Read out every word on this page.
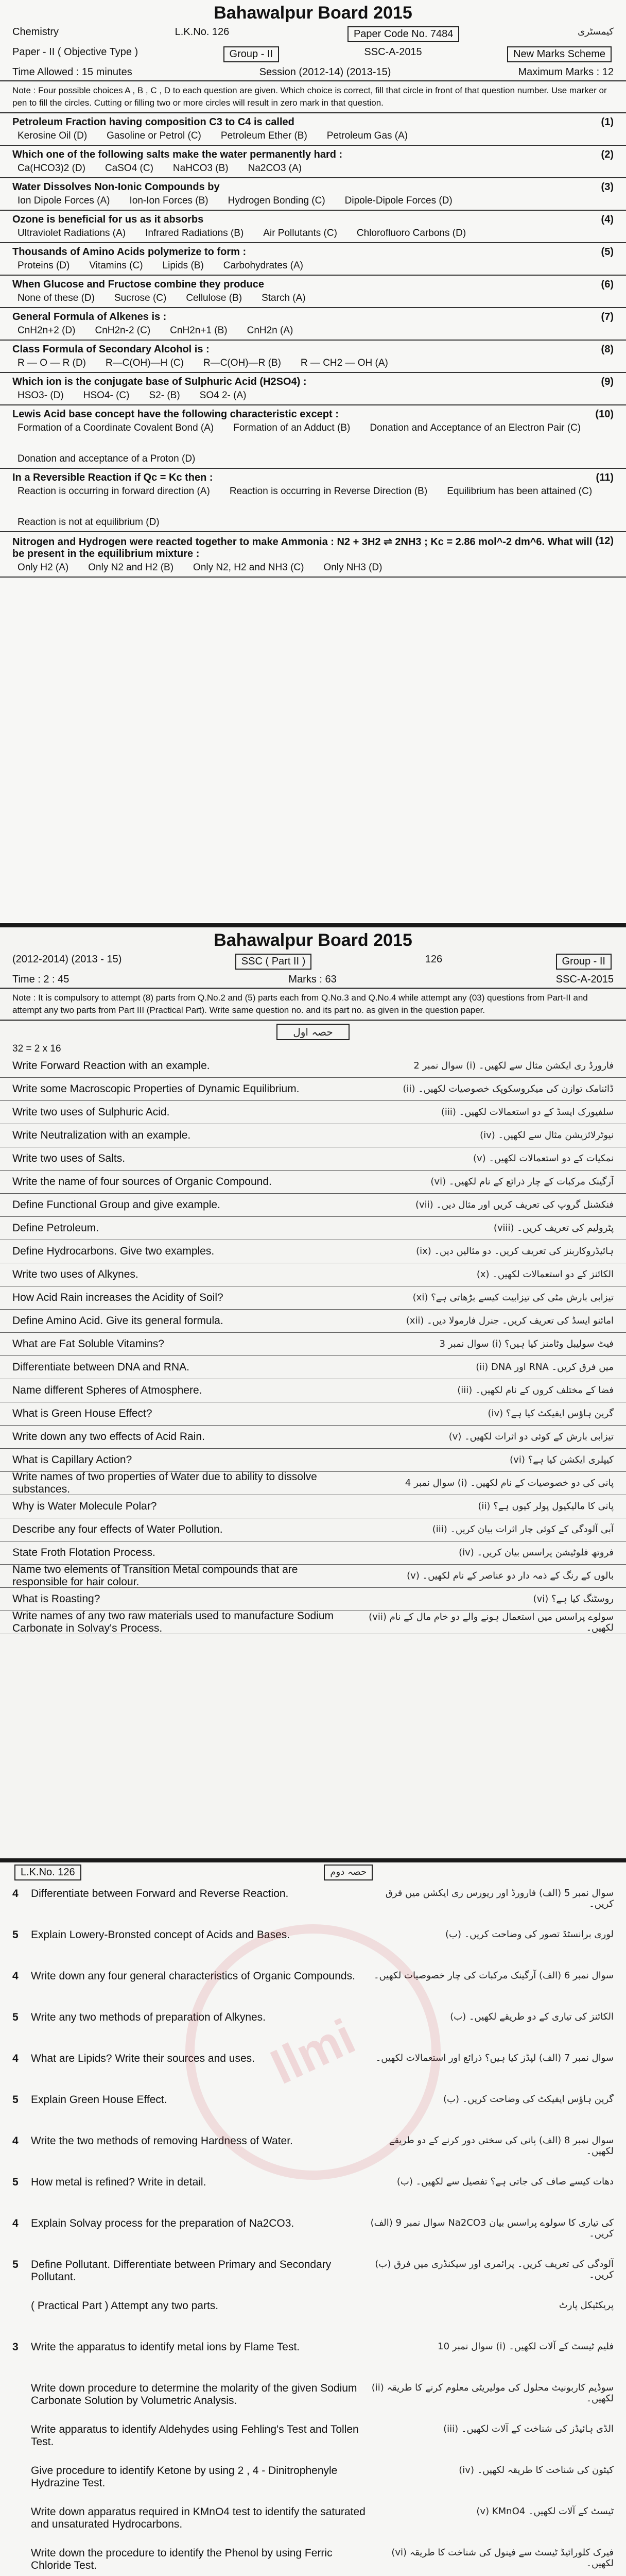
Bahawalpur Board 2015
Chemistry	L.K.No. 126	Paper Code No. 7484	کیمسٹری
Paper - II ( Objective Type )	Group - II	SSC-A-2015	New Marks Scheme
Time Allowed : 15 minutes	Session (2012-14) (2013-15)	Maximum Marks : 12
Note : Four possible choices A , B , C , D to each question are given. Which choice is correct, fill that circle in front of that question number. Use marker or pen to fill the circles. Cutting or filling two or more circles will result in zero mark in that question.
Petroleum Fraction having composition C3 to C4 is called	(1)
Kerosine Oil (D) Gasoline or Petrol (C) Petroleum Ether (B) Petroleum Gas (A)
Which one of the following salts make the water permanently hard :	(2)
Ca(HCO3)2 (D) CaSO4 (C) NaHCO3 (B) Na2CO3 (A)
Water Dissolves Non-Ionic Compounds by	(3)
Ion Dipole Forces (A) Ion-Ion Forces (B) Hydrogen Bonding (C) Dipole-Dipole Forces (D)
Ozone is beneficial for us as it absorbs	(4)
Ultraviolet Radiations (A) Infrared Radiations (B) Air Pollutants (C) Chlorofluoro Carbons (D)
Thousands of Amino Acids polymerize to form :	(5)
Proteins (D) Vitamins (C) Lipids (B) Carbohydrates (A)
When Glucose and Fructose combine they produce	(6)
None of these (D) Sucrose (C) Cellulose (B) Starch (A)
General Formula of Alkenes is :	(7)
CnH2n+2 (D) CnH2n-2 (C) CnH2n+1 (B) CnH2n (A)
Class Formula of Secondary Alcohol is :	(8)
R — O — R (D) R—C(OH)—H (C) R—C(OH)—R (B) R — CH2 — OH (A)
Which ion is the conjugate base of Sulphuric Acid (H2SO4) :	(9)
HSO3- (D) HSO4- (C) S2- (B) SO4 2- (A)
Lewis Acid base concept have the following characteristic except :	(10)
Formation of a Coordinate Covalent Bond (A) Formation of an Adduct (B) Donation and Acceptance of an Electron Pair (C)
Donation and acceptance of a Proton (D)
In a Reversible Reaction if Qc = Kc then :	(11)
Reaction is occurring in forward direction (A) Reaction is occurring in Reverse Direction (B) Equilibrium has been attained (C)
Reaction is not at equilibrium (D)
Nitrogen and Hydrogen were reacted together to make Ammonia : N2 + 3H2 ⇌ 2NH3 ; Kc = 2.86 mol^-2 dm^6. What will be present in the equilibrium mixture :
(12)
Only H2 (A) Only N2 and H2 (B) Only N2, H2 and NH3 (C) Only NH3 (D)
Bahawalpur Board 2015
(2012-2014) (2013 - 15)	SSC ( Part II )	126	Group - II
Time : 2 : 45	Marks : 63	SSC-A-2015
Note : It is compulsory to attempt (8) parts from Q.No.2 and (5) parts each from Q.No.3 and Q.No.4 while attempt any (03) questions from Part-II and attempt any two parts from Part III (Practical Part). Write same question no. and its part no. as given in the question paper.
حصہ اول
32 = 2 x 16
Write Forward Reaction with an example.	سوال نمبر 2 (i) فارورڈ ری ایکشن مثال سے لکھیں۔
Write some Macroscopic Properties of Dynamic Equilibrium.	(ii) ڈائنامک توازن کی میکروسکوپک خصوصیات لکھیں۔
Write two uses of Sulphuric Acid.	(iii) سلفیورک ایسڈ کے دو استعمالات لکھیں۔
Write Neutralization with an example.	(iv) نیوٹرلائزیشن مثال سے لکھیں۔
Write two uses of Salts.	(v) نمکیات کے دو استعمالات لکھیں۔
Write the name of four sources of Organic Compound.	(vi) آرگینک مرکبات کے چار ذرائع کے نام لکھیں۔
Define Functional Group and give example.	(vii) فنکشنل گروپ کی تعریف کریں اور مثال دیں۔
Define Petroleum.	(viii) پٹرولیم کی تعریف کریں۔
Define Hydrocarbons. Give two examples.	(ix) ہائیڈروکاربنز کی تعریف کریں۔ دو مثالیں دیں۔
Write two uses of Alkynes.	(x) الکائنز کے دو استعمالات لکھیں۔
How Acid Rain increases the Acidity of Soil?	(xi) تیزابی بارش مٹی کی تیزابیت کیسے بڑھاتی ہے؟
Define Amino Acid. Give its general formula.	(xii) امائنو ایسڈ کی تعریف کریں۔ جنرل فارمولا دیں۔
What are Fat Soluble Vitamins?	سوال نمبر 3 (i) فیٹ سولیبل وٹامنز کیا ہیں؟
Differentiate between DNA and RNA.	(ii) DNA اور RNA میں فرق کریں۔
Name different Spheres of Atmosphere.	(iii) فضا کے مختلف کروں کے نام لکھیں۔
What is Green House Effect?	(iv) گرین ہاؤس ایفیکٹ کیا ہے؟
Write down any two effects of Acid Rain.	(v) تیزابی بارش کے کوئی دو اثرات لکھیں۔
What is Capillary Action?	(vi) کیپلری ایکشن کیا ہے؟
Write names of two properties of Water due to ability to dissolve substances.	سوال نمبر 4 (i) پانی کی دو خصوصیات کے نام لکھیں۔
Why is Water Molecule Polar?	(ii) پانی کا مالیکیول پولر کیوں ہے؟
Describe any four effects of Water Pollution.	(iii) آبی آلودگی کے کوئی چار اثرات بیان کریں۔
State Froth Flotation Process.	(iv) فروتھ فلوٹیشن پراسس بیان کریں۔
Name two elements of Transition Metal compounds that are responsible for hair colour.	(v) بالوں کے رنگ کے ذمہ دار دو عناصر کے نام لکھیں۔
What is Roasting?	(vi) روسٹنگ کیا ہے؟
Write names of any two raw materials used to manufacture Sodium Carbonate in Solvay's Process.
(vii) سولوے پراسس میں استعمال ہونے والے دو خام مال کے نام لکھیں۔
Ilmi
L.K.No. 126	حصہ دوم
4	Differentiate between Forward and Reverse Reaction.	سوال نمبر 5 (الف) فارورڈ اور ریورس ری ایکشن میں فرق کریں۔
5	Explain Lowery-Bronsted concept of Acids and Bases.	(ب) لوری برانسٹڈ تصور کی وضاحت کریں۔
4	Write down any four general characteristics of Organic Compounds.	سوال نمبر 6 (الف) آرگینک مرکبات کی چار خصوصیات لکھیں۔
5	Write any two methods of preparation of Alkynes.	(ب) الکائنز کی تیاری کے دو طریقے لکھیں۔
4	What are Lipids? Write their sources and uses.	سوال نمبر 7 (الف) لپڈز کیا ہیں؟ ذرائع اور استعمالات لکھیں۔
5	Explain Green House Effect.	(ب) گرین ہاؤس ایفیکٹ کی وضاحت کریں۔
4	Write the two methods of removing Hardness of Water.	سوال نمبر 8 (الف) پانی کی سختی دور کرنے کے دو طریقے لکھیں۔
5	How metal is refined? Write in detail.	(ب) دھات کیسے صاف کی جاتی ہے؟ تفصیل سے لکھیں۔
4	Explain Solvay process for the preparation of Na2CO3.	سوال نمبر 9 (الف) Na2CO3 کی تیاری کا سولوے پراسس بیان کریں۔
5	Define Pollutant. Differentiate between Primary and Secondary Pollutant.
(ب) آلودگی کی تعریف کریں۔ پرائمری اور سیکنڈری میں فرق کریں۔
( Practical Part ) Attempt any two parts.	پریکٹیکل پارٹ
3	Write the apparatus to identify metal ions by Flame Test.	سوال نمبر 10 (i) فلیم ٹیسٹ کے آلات لکھیں۔
Write down procedure to determine the molarity of the given Sodium Carbonate Solution by Volumetric Analysis.
(ii) سوڈیم کاربونیٹ محلول کی مولیریٹی معلوم کرنے کا طریقہ لکھیں۔
Write apparatus to identify Aldehydes using Fehling's Test and Tollen Test.
(iii) الڈی ہائیڈز کی شناخت کے آلات لکھیں۔
Give procedure to identify Ketone by using 2 , 4 - Dinitrophenyle Hydrazine Test.
(iv) کیٹون کی شناخت کا طریقہ لکھیں۔
Write down apparatus required in KMnO4 test to identify the saturated and unsaturated Hydrocarbons.
(v) KMnO4 ٹیسٹ کے آلات لکھیں۔
Write down the procedure to identify the Phenol by using Ferric Chloride Test.
(vi) فیرک کلورائیڈ ٹیسٹ سے فینول کی شناخت کا طریقہ لکھیں۔
